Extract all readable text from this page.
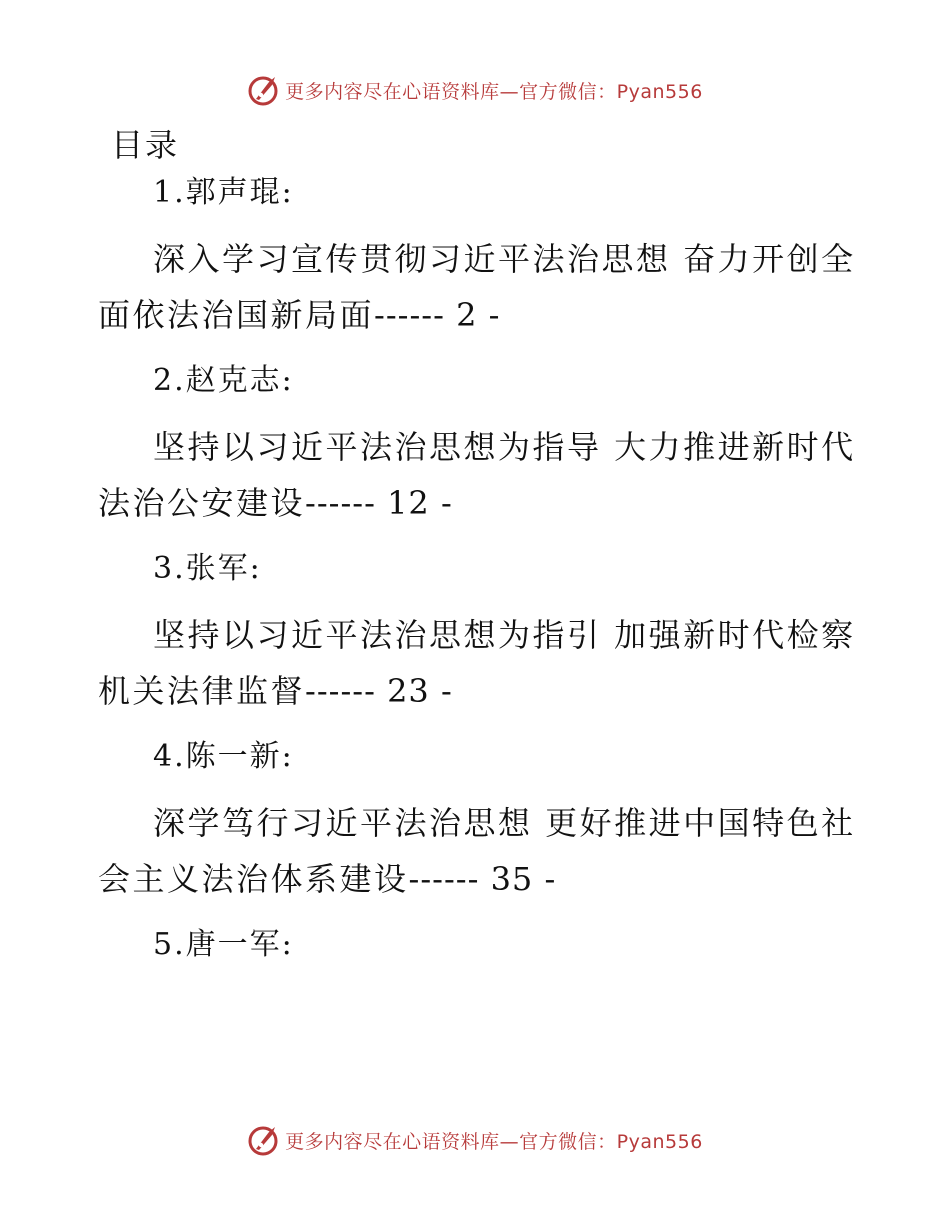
更多内容尽在心语资料库—官方微信：Pyan556
目录

1.郭声琨:

深入学习宣传贯彻习近平法治思想 奋力开创全面依法治国新局面------ 2 -

2.赵克志:

坚持以习近平法治思想为指导 大力推进新时代法治公安建设------ 12 -

3.张军:

坚持以习近平法治思想为指引 加强新时代检察机关法律监督------ 23 -

4.陈一新:

深学笃行习近平法治思想 更好推进中国特色社会主义法治体系建设------ 35 -

5.唐一军:

更多内容尽在心语资料库—官方微信：Pyan556
